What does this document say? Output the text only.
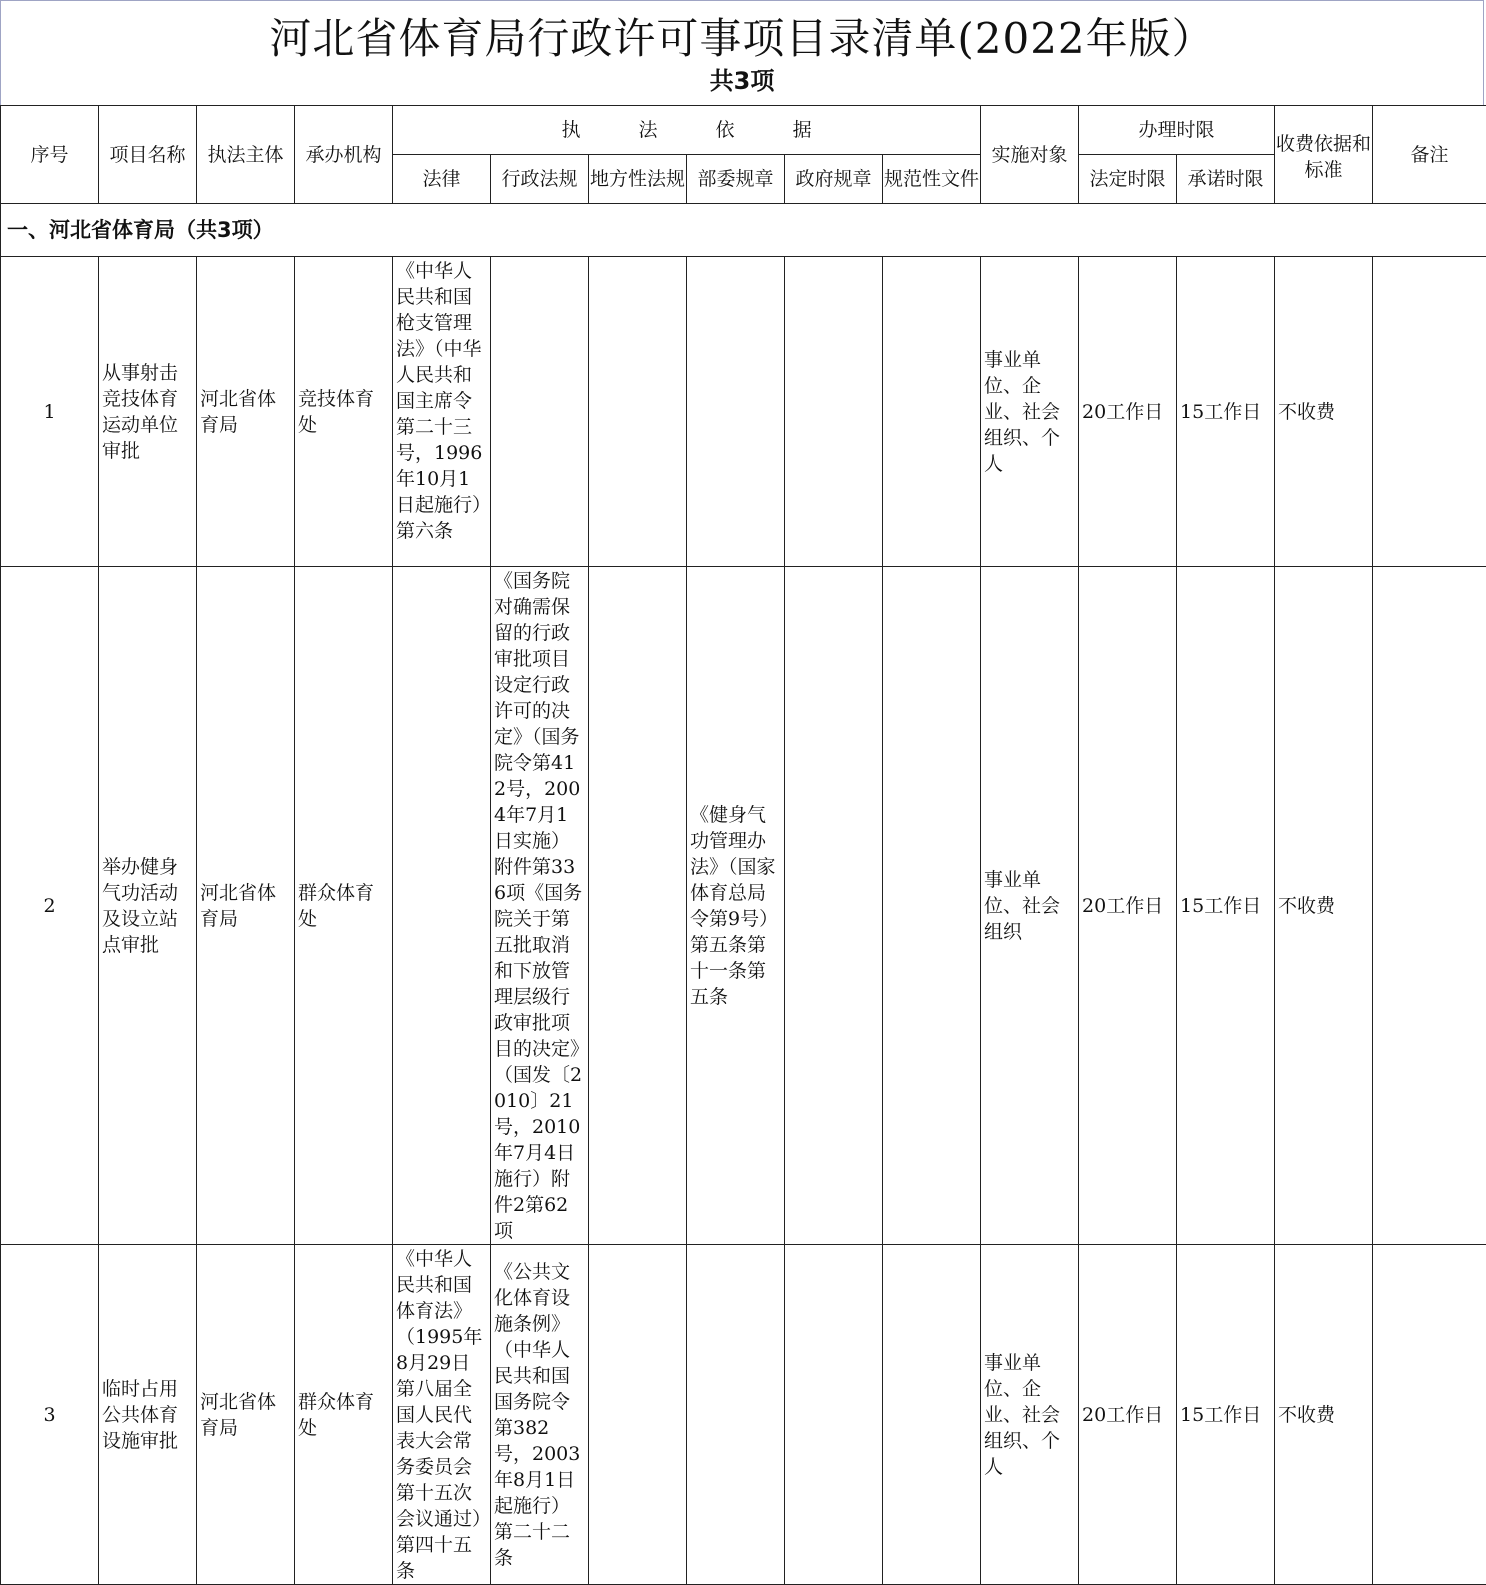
河北省体育局行政许可事项目录清单(2022年版）
共3项
序号	项目名称	执法主体	承办机构	执 法 依 据						实施对象	办理时限		收费依据和标准	备注
				法律	行政法规	地方性法规	部委规章	政府规章	规范性文件		法定时限	承诺时限		

一、河北省体育局（共3项）														
1	从事射击竞技体育运动单位审批	河北省体育局	竞技体育处	《中华人民共和国枪支管理法》（中华人民共和国主席令第二十三号，1996年10月1日起施行）第六条						事业单位、企业、社会组织、个人	20工作日	15工作日	不收费	
2	举办健身气功活动及设立站点审批	河北省体育局	群众体育处		《国务院对确需保留的行政审批项目设定行政许可的决定》（国务院令第412号，2004年7月1日实施）附件第336项《国务院关于第五批取消和下放管理层级行政审批项目的决定》（国发〔2010〕21号，2010年7月4日施行）附件2第62项		《健身气功管理办法》（国家体育总局令第9号）第五条第十一条第五条			事业单位、社会组织	20工作日	15工作日	不收费	
3	临时占用公共体育设施审批	河北省体育局	群众体育处	《中华人民共和国体育法》（1995年8月29日第八届全国人民代表大会常务委员会第十五次会议通过）第四十五条	《公共文化体育设施条例》（中华人民共和国国务院令第382号，2003年8月1日起施行）第二十二条					事业单位、企业、社会组织、个人	20工作日	15工作日	不收费	
